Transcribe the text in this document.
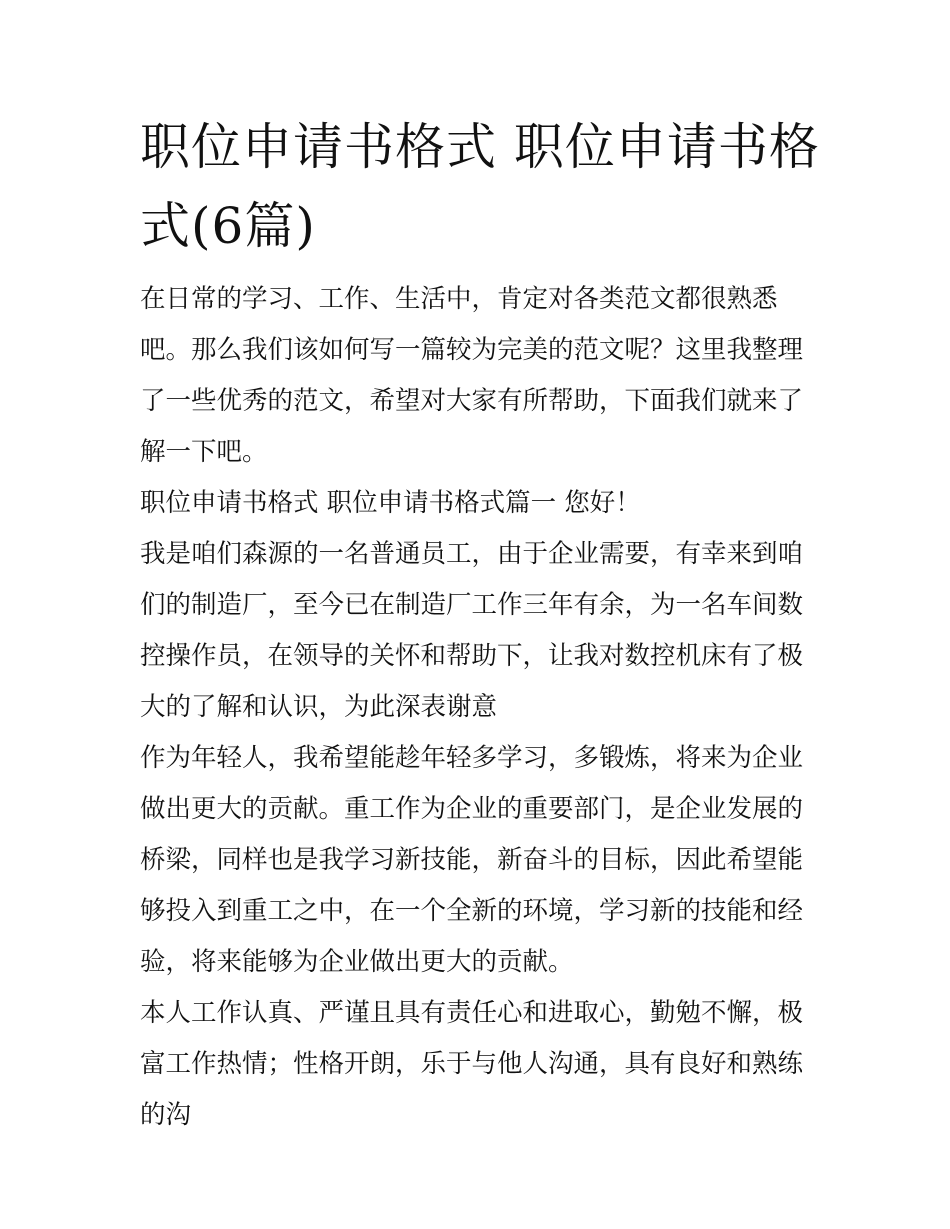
职位申请书格式 职位申请书格式(6篇)

在日常的学习、工作、生活中，肯定对各类范文都很熟悉吧。那么我们该如何写一篇较为完美的范文呢？这里我整理了一些优秀的范文，希望对大家有所帮助，下面我们就来了解一下吧。

职位申请书格式 职位申请书格式篇一 您好！

我是咱们森源的一名普通员工，由于企业需要，有幸来到咱们的制造厂，至今已在制造厂工作三年有余，为一名车间数控操作员，在领导的关怀和帮助下，让我对数控机床有了极大的了解和认识，为此深表谢意

作为年轻人，我希望能趁年轻多学习，多锻炼，将来为企业做出更大的贡献。重工作为企业的重要部门，是企业发展的桥梁，同样也是我学习新技能，新奋斗的目标，因此希望能够投入到重工之中，在一个全新的环境，学习新的技能和经验，将来能够为企业做出更大的贡献。

本人工作认真、严谨且具有责任心和进取心，勤勉不懈，极富工作热情；性格开朗，乐于与他人沟通，具有良好和熟练的沟
